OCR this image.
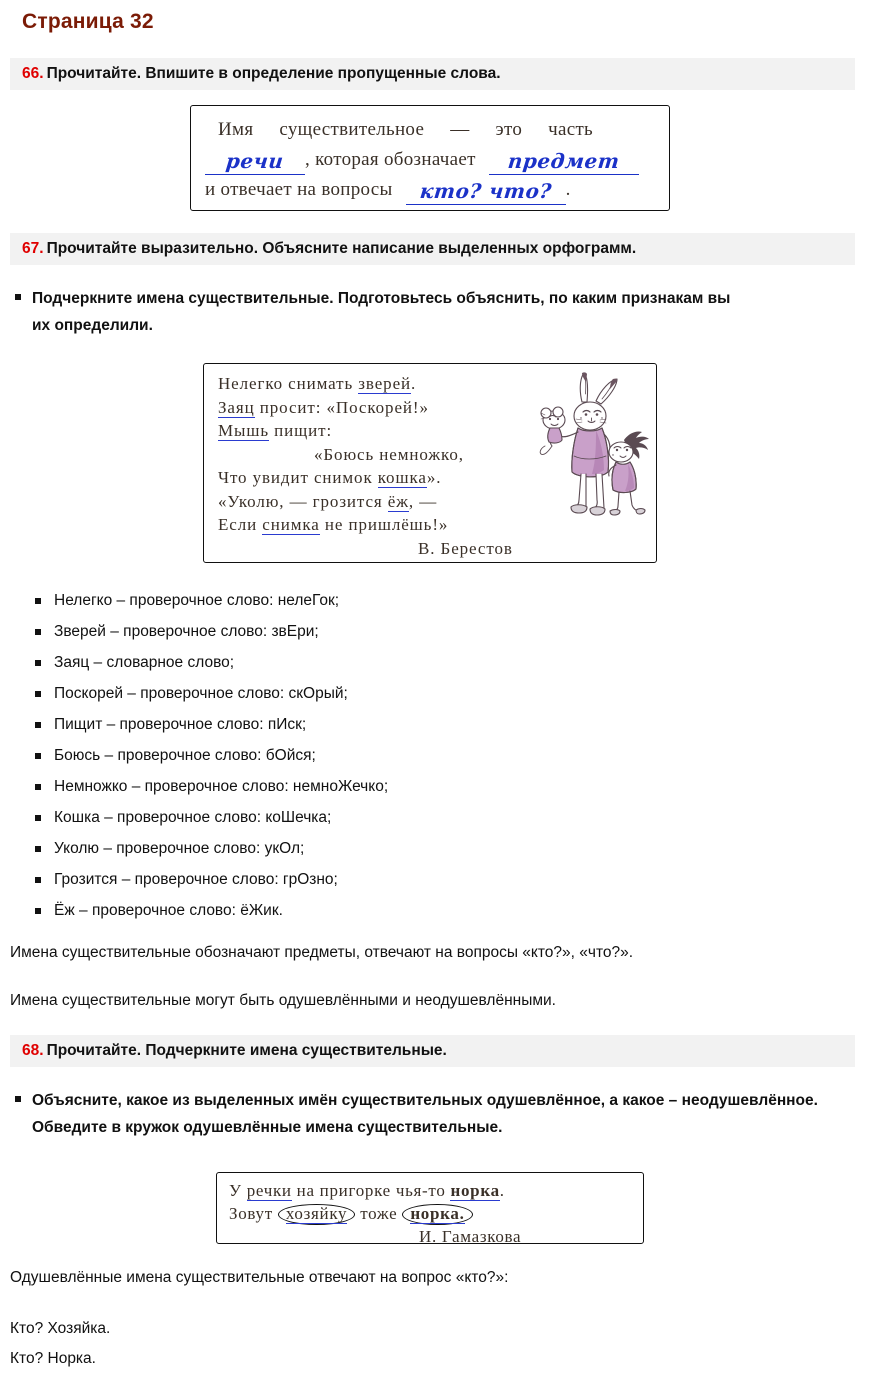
Страница 32
66. Прочитайте. Впишите в определение пропущенные слова.
Имя существительное — это часть
речи , которая обозначает предмет
и отвечает на вопросы кто? что? .
67. Прочитайте выразительно. Объясните написание выделенных орфограмм.
Подчеркните имена существительные. Подготовьтесь объяснить, по каким признакам вы их определили.
Нелегко снимать зверей.
Заяц просит: «Поскорей!»
Мышь пищит:
«Боюсь немножко,
Что увидит снимок кошка».
«Уколю, — грозится ёж, —
Если снимка не пришлёшь!»
В. Берестов
Нелегко – проверочное слово: нелеГок;
Зверей – проверочное слово: звЕри;
Заяц – словарное слово;
Поскорей – проверочное слово: скОрый;
Пищит – проверочное слово: пИск;
Боюсь – проверочное слово: бОйся;
Немножко – проверочное слово: немноЖечко;
Кошка – проверочное слово: коШечка;
Уколю – проверочное слово: укОл;
Грозится – проверочное слово: грОзно;
Ёж – проверочное слово: ёЖик.
Имена существительные обозначают предметы, отвечают на вопросы «кто?», «что?».
Имена существительные могут быть одушевлёнными и неодушевлёнными.
68. Прочитайте. Подчеркните имена существительные.
Объясните, какое из выделенных имён существительных одушевлённое, а какое – неодушевлённое. Обведите в кружок одушевлённые имена существительные.
У речки на пригорке чья-то норка.
Зовут хозяйку тоже норка.
И. Гамазкова
Одушевлённые имена существительные отвечают на вопрос «кто?»:
Кто? Хозяйка.
Кто? Норка.
